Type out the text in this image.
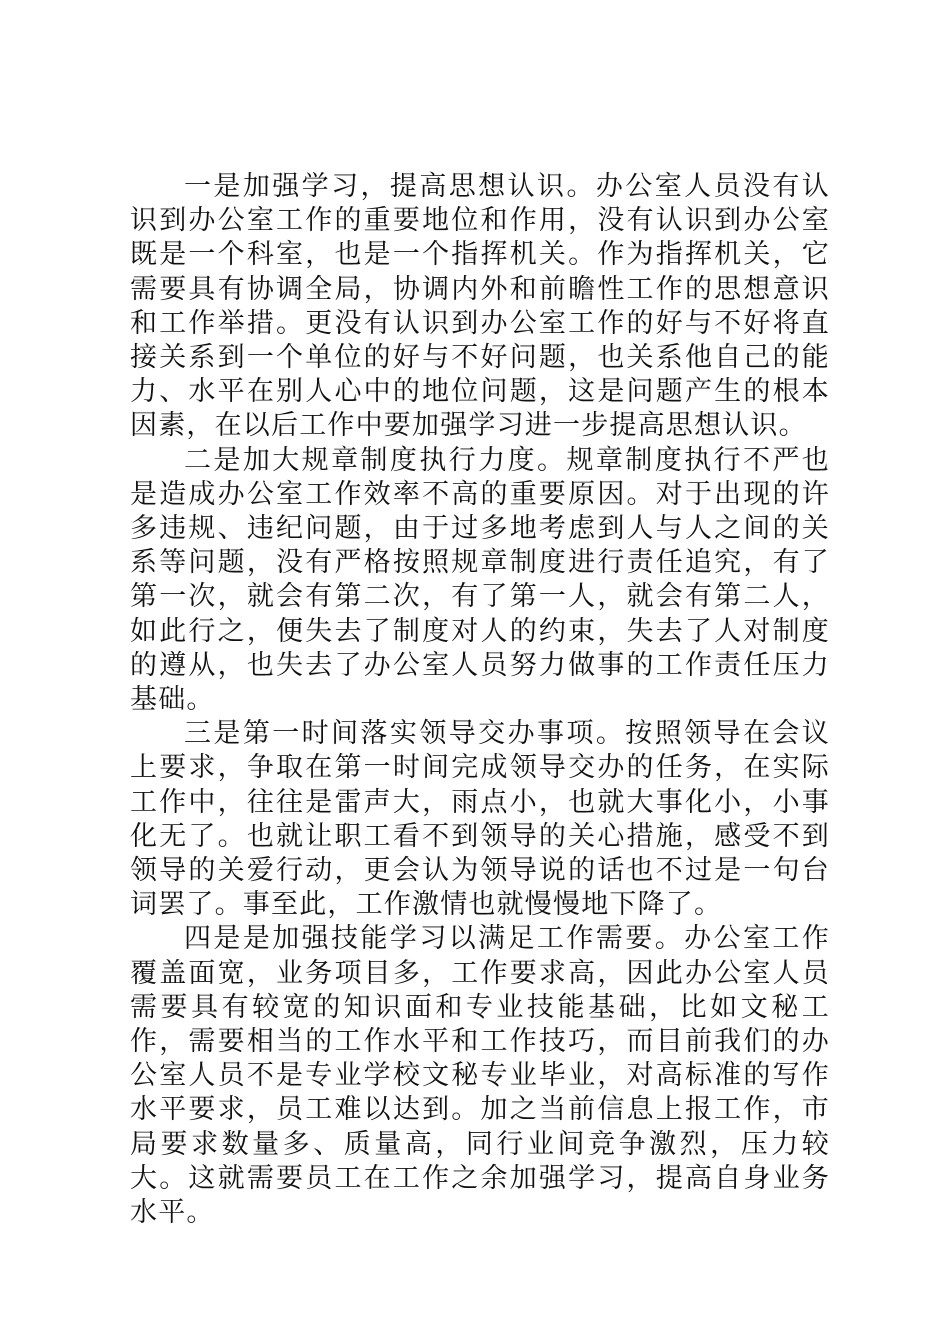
一是加强学习，提高思想认识。办公室人员没有认识到办公室工作的重要地位和作用，没有认识到办公室既是一个科室，也是一个指挥机关。作为指挥机关，它需要具有协调全局，协调内外和前瞻性工作的思想意识和工作举措。更没有认识到办公室工作的好与不好将直接关系到一个单位的好与不好问题，也关系他自己的能力、水平在别人心中的地位问题，这是问题产生的根本因素，在以后工作中要加强学习进一步提高思想认识。

二是加大规章制度执行力度。规章制度执行不严也是造成办公室工作效率不高的重要原因。对于出现的许多违规、违纪问题，由于过多地考虑到人与人之间的关系等问题，没有严格按照规章制度进行责任追究，有了第一次，就会有第二次，有了第一人，就会有第二人，如此行之，便失去了制度对人的约束，失去了人对制度的遵从，也失去了办公室人员努力做事的工作责任压力基础。

三是第一时间落实领导交办事项。按照领导在会议上要求，争取在第一时间完成领导交办的任务，在实际工作中，往往是雷声大，雨点小，也就大事化小，小事化无了。也就让职工看不到领导的关心措施，感受不到领导的关爱行动，更会认为领导说的话也不过是一句台词罢了。事至此，工作激情也就慢慢地下降了。

四是是加强技能学习以满足工作需要。办公室工作覆盖面宽，业务项目多，工作要求高，因此办公室人员需要具有较宽的知识面和专业技能基础，比如文秘工作，需要相当的工作水平和工作技巧，而目前我们的办公室人员不是专业学校文秘专业毕业，对高标准的写作水平要求，员工难以达到。加之当前信息上报工作，市局要求数量多、质量高，同行业间竞争激烈，压力较大。这就需要员工在工作之余加强学习，提高自身业务水平。
